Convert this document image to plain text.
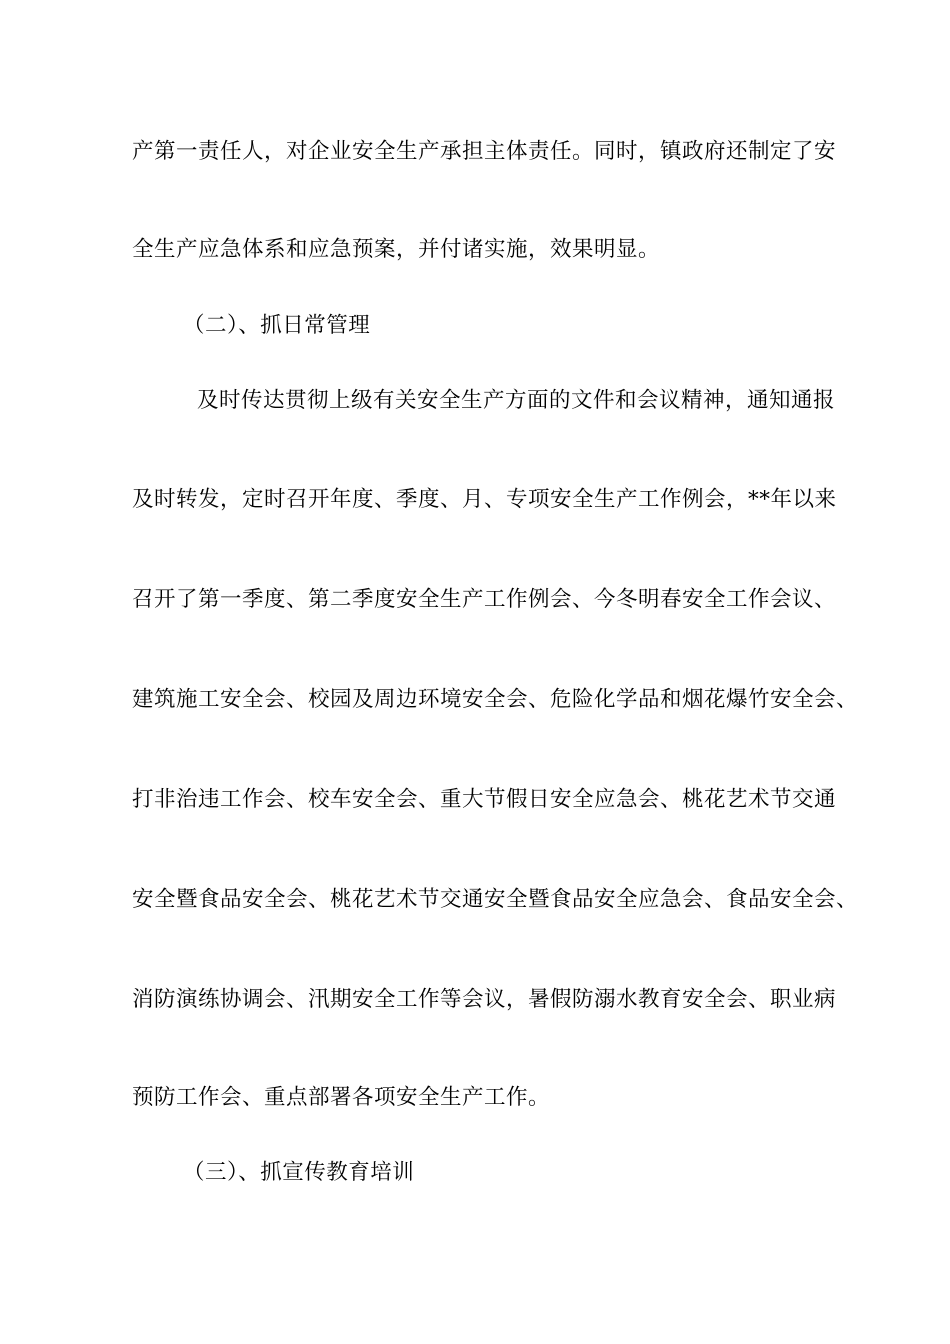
产第一责任人，对企业安全生产承担主体责任。同时，镇政府还制定了安
全生产应急体系和应急预案，并付诸实施，效果明显。
（二）、抓日常管理
及时传达贯彻上级有关安全生产方面的文件和会议精神，通知通报
及时转发，定时召开年度、季度、月、专项安全生产工作例会，**年以来
召开了第一季度、第二季度安全生产工作例会、今冬明春安全工作会议、
建筑施工安全会、校园及周边环境安全会、危险化学品和烟花爆竹安全会、
打非治违工作会、校车安全会、重大节假日安全应急会、桃花艺术节交通
安全暨食品安全会、桃花艺术节交通安全暨食品安全应急会、食品安全会、
消防演练协调会、汛期安全工作等会议，暑假防溺水教育安全会、职业病
预防工作会、重点部署各项安全生产工作。
（三）、抓宣传教育培训
